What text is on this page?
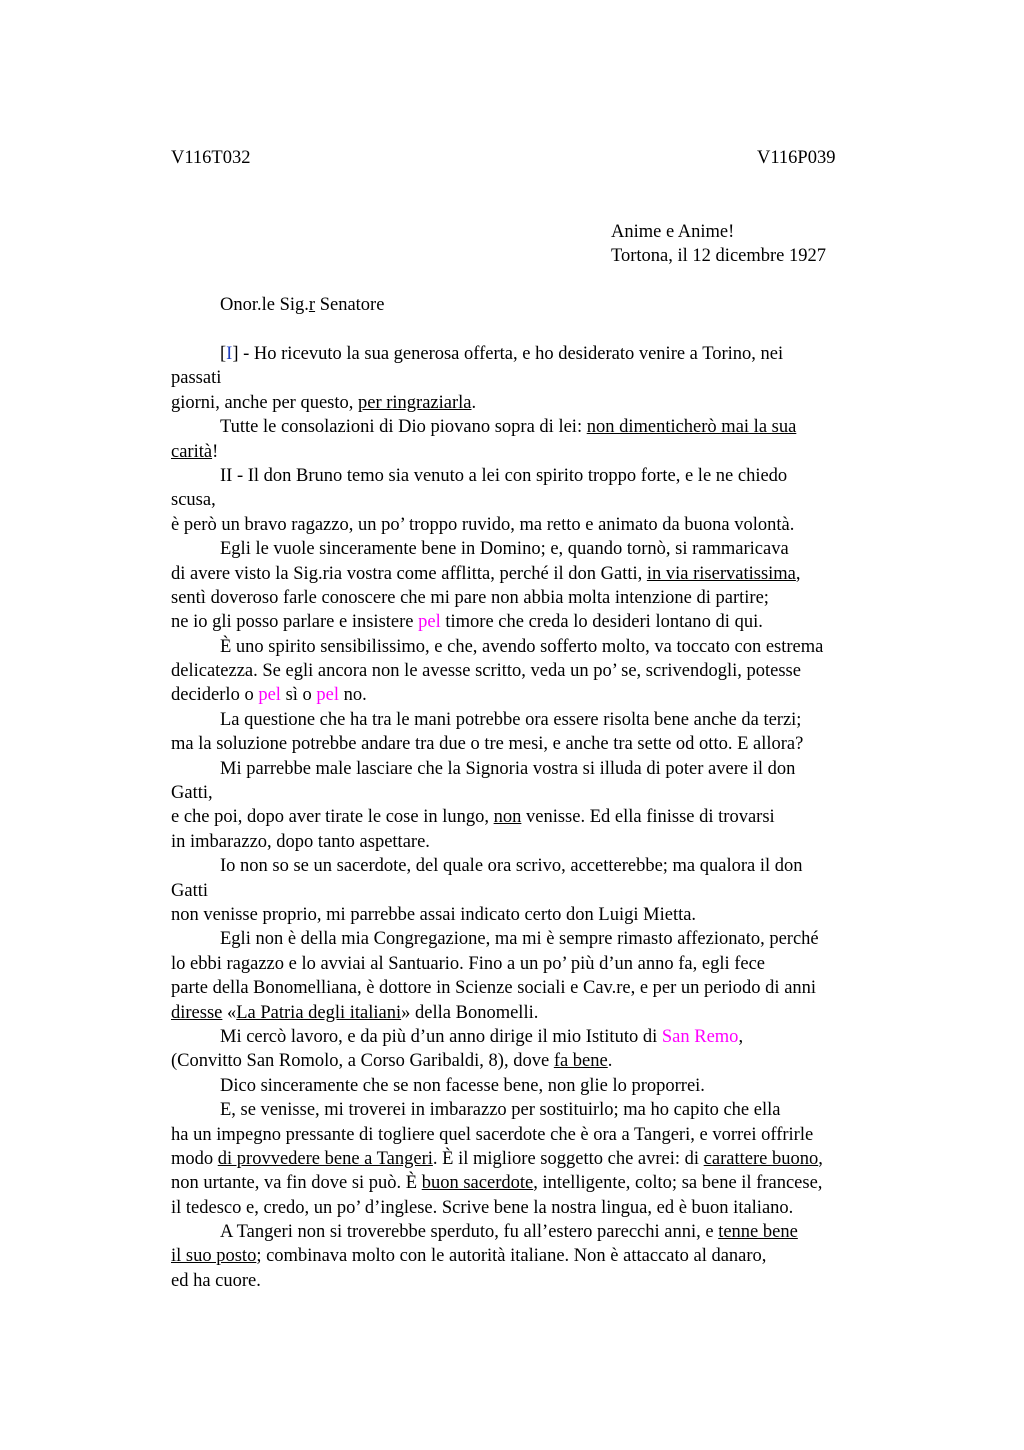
V116T032	V116P039
Anime e Anime!
Tortona, il 12 dicembre 1927
Onor.le Sig.r Senatore
[I] - Ho ricevuto la sua generosa offerta, e ho desiderato venire a Torino, nei
passati
giorni, anche per questo, per ringraziarla.
Tutte le consolazioni di Dio piovano sopra di lei: non dimenticherò mai la sua
carità!
II - Il don Bruno temo sia venuto a lei con spirito troppo forte, e le ne chiedo
scusa,
è però un bravo ragazzo, un po’ troppo ruvido, ma retto e animato da buona volontà.
Egli le vuole sinceramente bene in Domino; e, quando tornò, si rammaricava
di avere visto la Sig.ria vostra come afflitta, perché il don Gatti, in via riservatissima,
sentì doveroso farle conoscere che mi pare non abbia molta intenzione di partire;
ne io gli posso parlare e insistere pel timore che creda lo desideri lontano di qui.
È uno spirito sensibilissimo, e che, avendo sofferto molto, va toccato con estrema
delicatezza. Se egli ancora non le avesse scritto, veda un po’ se, scrivendogli, potesse
deciderlo o pel sì o pel no.
La questione che ha tra le mani potrebbe ora essere risolta bene anche da terzi;
ma la soluzione potrebbe andare tra due o tre mesi, e anche tra sette od otto. E allora?
Mi parrebbe male lasciare che la Signoria vostra si illuda di poter avere il don
Gatti,
e che poi, dopo aver tirate le cose in lungo, non venisse. Ed ella finisse di trovarsi
in imbarazzo, dopo tanto aspettare.
Io non so se un sacerdote, del quale ora scrivo, accetterebbe; ma qualora il don
Gatti
non venisse proprio, mi parrebbe assai indicato certo don Luigi Mietta.
Egli non è della mia Congregazione, ma mi è sempre rimasto affezionato, perché
lo ebbi ragazzo e lo avviai al Santuario. Fino a un po’ più d’un anno fa, egli fece
parte della Bonomelliana, è dottore in Scienze sociali e Cav.re, e per un periodo di anni
diresse «La Patria degli italiani» della Bonomelli.
Mi cercò lavoro, e da più d’un anno dirige il mio Istituto di San Remo,
(Convitto San Romolo, a Corso Garibaldi, 8), dove fa bene.
Dico sinceramente che se non facesse bene, non glie lo proporrei.
E, se venisse, mi troverei in imbarazzo per sostituirlo; ma ho capito che ella
ha un impegno pressante di togliere quel sacerdote che è ora a Tangeri, e vorrei offrirle
modo di provvedere bene a Tangeri. È il migliore soggetto che avrei: di carattere buono,
non urtante, va fin dove si può. È buon sacerdote, intelligente, colto; sa bene il francese,
il tedesco e, credo, un po’ d’inglese. Scrive bene la nostra lingua, ed è buon italiano.
A Tangeri non si troverebbe sperduto, fu all’estero parecchi anni, e tenne bene
il suo posto; combinava molto con le autorità italiane. Non è attaccato al danaro,
ed ha cuore.
